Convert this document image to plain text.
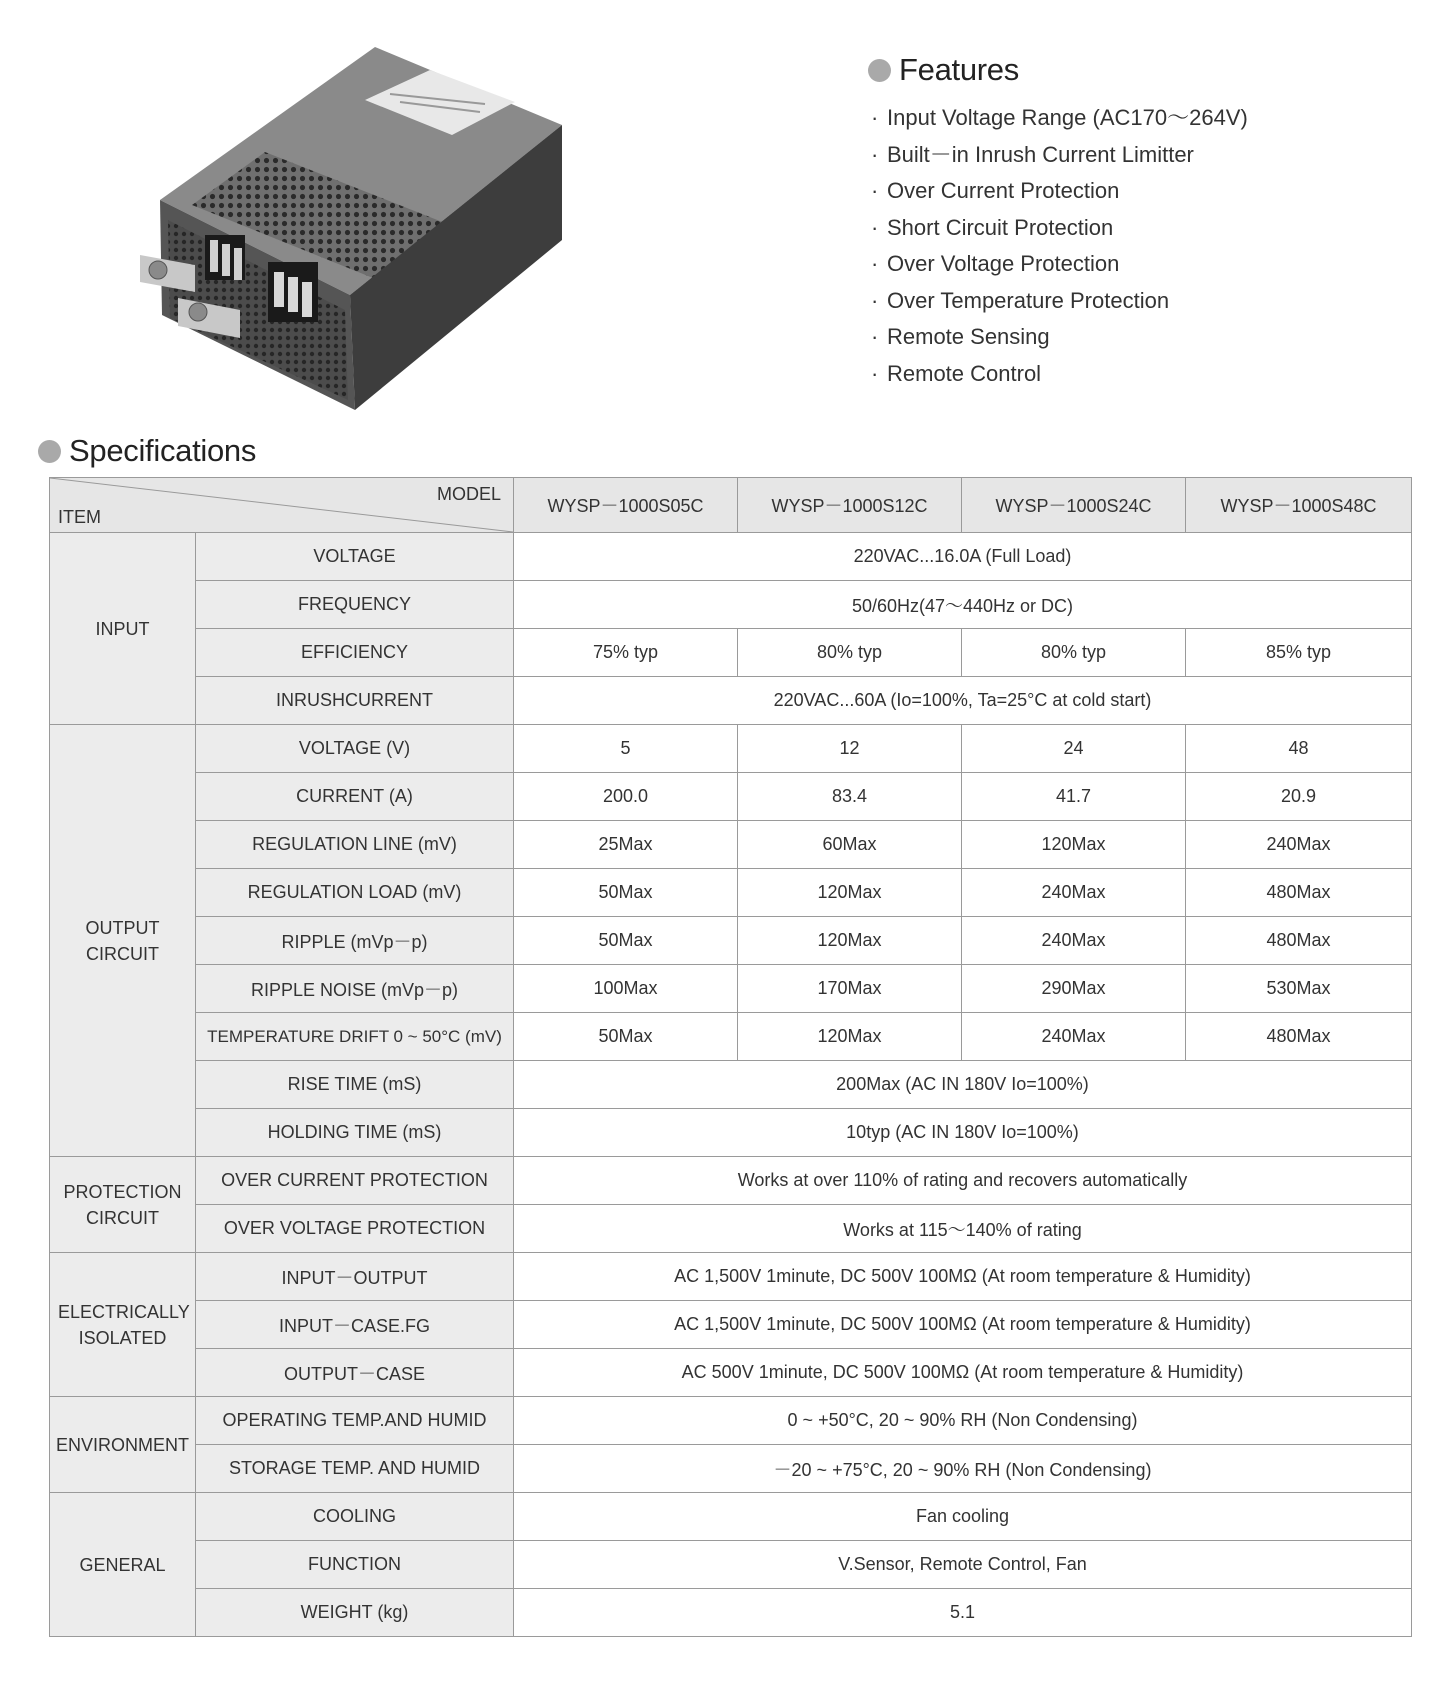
Features
· Input Voltage Range (AC170～264V)
· Built－in Inrush Current Limitter
· Over Current Protection
· Short Circuit Protection
· Over Voltage Protection
· Over Temperature Protection
· Remote Sensing
· Remote Control
Specifications
MODEL
ITEM		WYSP－1000S05C	WYSP－1000S12C	WYSP－1000S24C	WYSP－1000S48C
INPUT	VOLTAGE	220VAC...16.0A (Full Load)			
	FREQUENCY	50/60Hz(47～440Hz or DC)			
	EFFICIENCY	75% typ	80% typ	80% typ	85% typ
	INRUSHCURRENT	220VAC...60A (Io=100%, Ta=25°C at cold start)			
OUTPUT CIRCUIT	VOLTAGE (V)	5	12	24	48
	CURRENT (A)	200.0	83.4	41.7	20.9
	REGULATION LINE (mV)	25Max	60Max	120Max	240Max
	REGULATION LOAD (mV)	50Max	120Max	240Max	480Max
	RIPPLE (mVp－p)	50Max	120Max	240Max	480Max
	RIPPLE NOISE (mVp－p)	100Max	170Max	290Max	530Max
	TEMPERATURE DRIFT 0 ~ 50°C (mV)	50Max	120Max	240Max	480Max
	RISE TIME (mS)	200Max (AC IN 180V Io=100%)			
	HOLDING TIME (mS)	10typ (AC IN 180V Io=100%)			
PROTECTION CIRCUIT	OVER CURRENT PROTECTION	Works at over 110% of rating and recovers automatically			
	OVER VOLTAGE PROTECTION	Works at 115～140% of rating			
ELECTRICALLY ISOLATED	INPUT－OUTPUT	AC 1,500V 1minute, DC 500V 100MΩ (At room temperature & Humidity)			
	INPUT－CASE.FG	AC 1,500V 1minute, DC 500V 100MΩ (At room temperature & Humidity)			
	OUTPUT－CASE	AC 500V 1minute, DC 500V 100MΩ (At room temperature & Humidity)			
ENVIRONMENT	OPERATING TEMP.AND HUMID	0 ~ +50°C, 20 ~ 90% RH (Non Condensing)			
	STORAGE TEMP. AND HUMID	－20 ~ +75°C, 20 ~ 90% RH (Non Condensing)			
GENERAL	COOLING	Fan cooling			
	FUNCTION	V.Sensor, Remote Control, Fan			
	WEIGHT (kg)	5.1			
